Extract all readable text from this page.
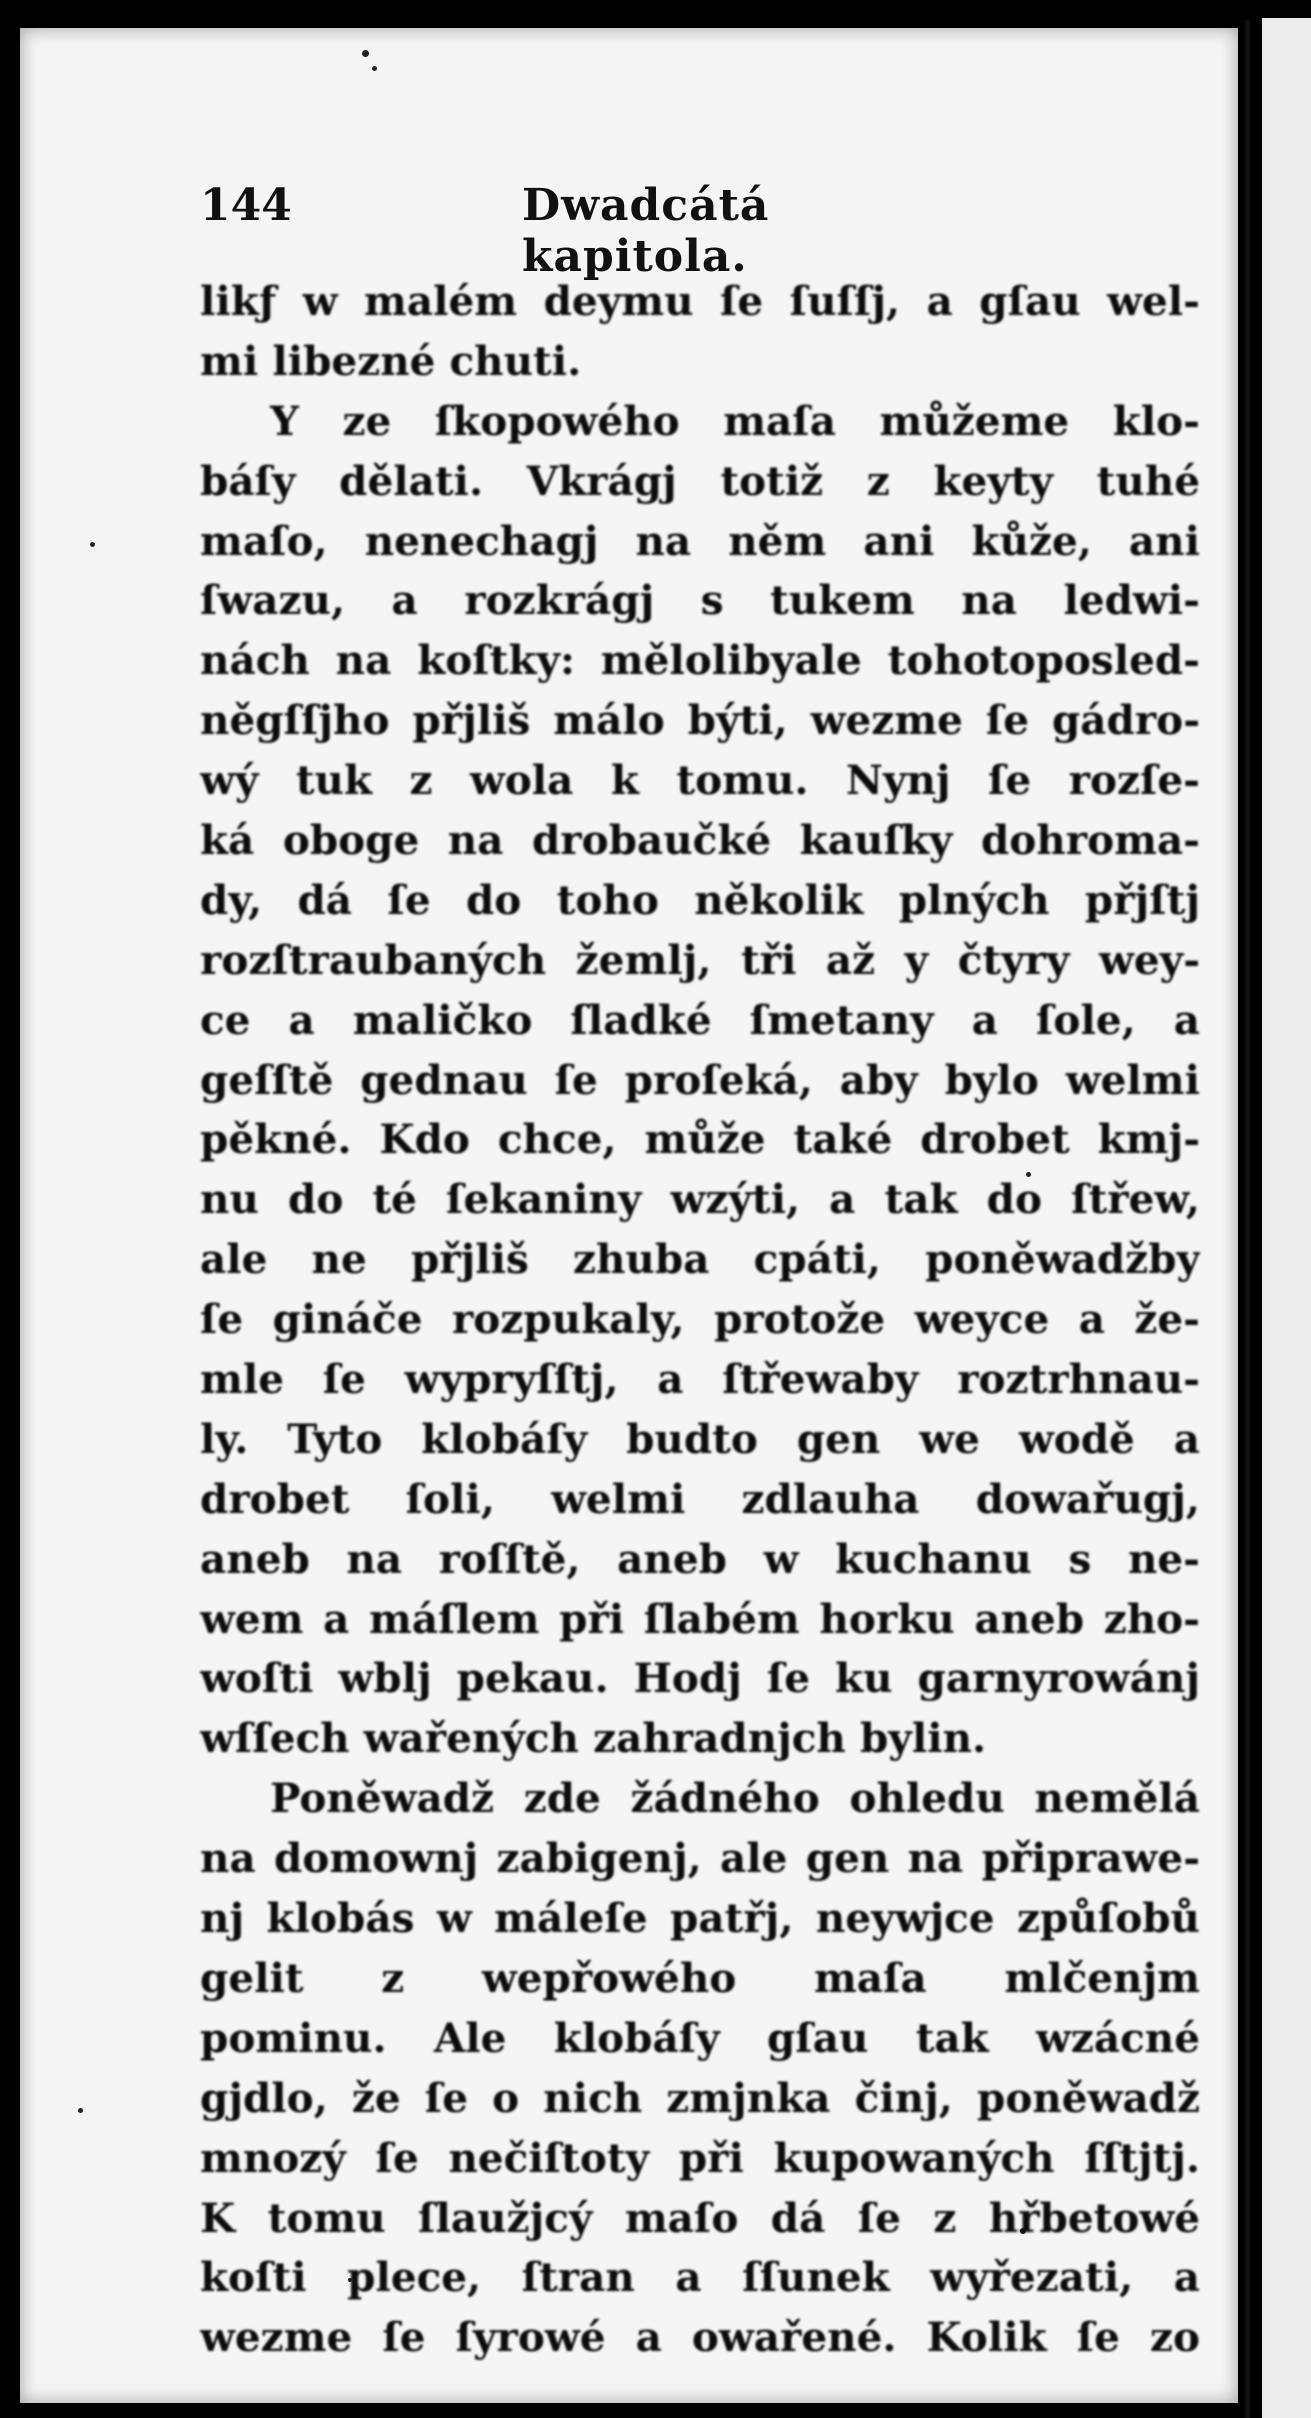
144	Dwadcátá kapitola.
likƒ w malém deymu ſe ſuſſj, a gſau wel-
mi libezné chuti.
Y ze ſkopowého maſa můžeme klo-
báſy dělati. Vkrágj totiž z keyty tuhé
maſo, nenechagj na něm ani kůže, ani
ſwazu, a rozkrágj s tukem na ledwi-
nách na koſtky: mělolibyale tohotoposled-
něgſſjho přjliš málo býti, wezme ſe gádro-
wý tuk z wola k tomu. Nynj ſe rozſe-
ká oboge na drobaučké kauſky dohroma-
dy, dá ſe do toho několik plných přjſtj
rozſtraubaných žemlj, tři až y čtyry wey-
ce a maličko ſladké ſmetany a ſole, a
geſſtě gednau ſe proſeká, aby bylo welmi
pěkné. Kdo chce, může také drobet kmj-
nu do té ſekaniny wzýti, a tak do ſtřew,
ale ne přjliš zhuba cpáti, poněwadžby
ſe gináče rozpukaly, protože weyce a že-
mle ſe wypryſſtj, a ſtřewaby roztrhnau-
ly. Tyto klobáſy budto gen we wodě a
drobet ſoli, welmi zdlauha dowařugj,
aneb na roſſtě, aneb w kuchanu s ne-
wem a máſlem při ſlabém horku aneb zho-
woſti wblj pekau. Hodj ſe ku garnyrowánj
wſſech wařených zahradnjch bylin.
Poněwadž zde žádného ohledu nemělá
na domownj zabigenj, ale gen na připrawe-
nj klobás w máleſe patřj, neywjce způſobů
gelit z wepřowého maſa mlčenjm
pominu. Ale klobáſy gſau tak wzácné
gjdlo, že ſe o nich zmjnka činj, poněwadž
mnozý ſe nečiſtoty při kupowaných ſſtjtj.
K tomu ſlaužjcý maſo dá ſe z hřbetowé
koſti plece, ſtran a ſſunek wyřezati, a
wezme ſe ſyrowé a owařené. Kolik ſe zo
